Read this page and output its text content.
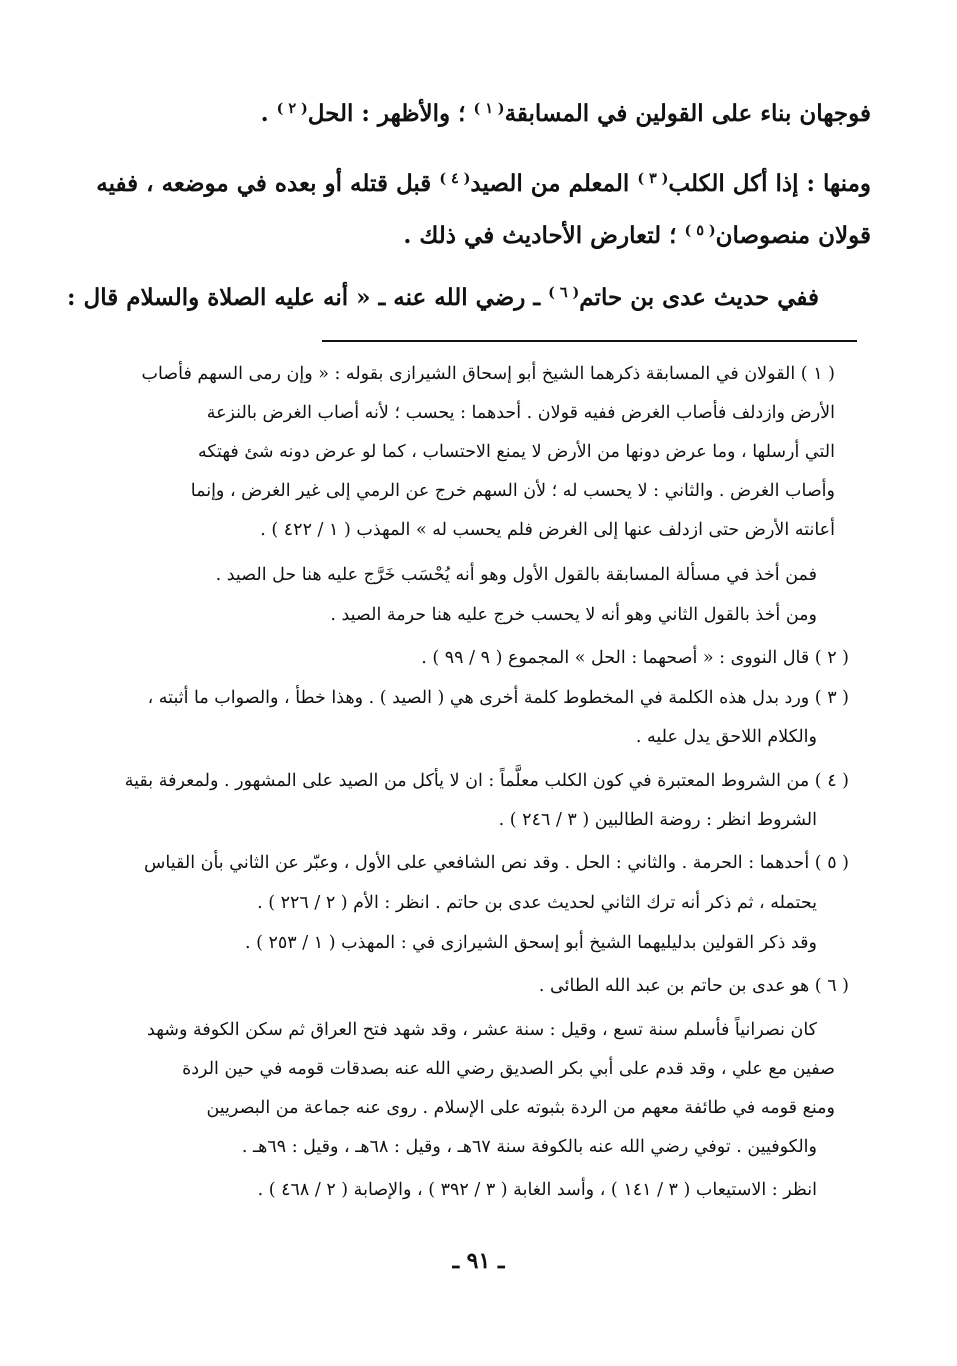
فوجهان بناء على القولين في المسابقة$^{( ١ )}$ ؛ والأظهر : الحل$^{( ٢ )}$ .
ومنها : إذا أكل الكلب$^{( ٣ )}$ المعلم من الصيد$^{( ٤ )}$ قبل قتله أو بعده في موضعه ، ففيه
قولان منصوصان$^{( ٥ )}$ ؛ لتعارض الأحاديث في ذلك .
ففي حديث عدى بن حاتم$^{( ٦ )}$ ـ رضي الله عنه ـ « أنه عليه الصلاة والسلام قال :
( ١ ) القولان في المسابقة ذكرهما الشيخ أبو إسحاق الشيرازى بقوله : « وإن رمى السهم فأصاب
الأرض وازدلف فأصاب الغرض ففيه قولان . أحدهما : يحسب ؛ لأنه أصاب الغرض بالنزعة
التي أرسلها ، وما عرض دونها من الأرض لا يمنع الاحتساب ، كما لو عرض دونه شئ فهتكه
وأصاب الغرض . والثاني : لا يحسب له ؛ لأن السهم خرج عن الرمي إلى غير الغرض ، وإنما
أعانته الأرض حتى ازدلف عنها إلى الغرض فلم يحسب له » المهذب ( ١ / ٤٢٢ ) .
فمن أخذ في مسألة المسابقة بالقول الأول وهو أنه يُحْسَب خَرَّج عليه هنا حل الصيد .
ومن أخذ بالقول الثاني وهو أنه لا يحسب خرج عليه هنا حرمة الصيد .
( ٢ ) قال النووى : « أصحهما : الحل » المجموع ( ٩ / ٩٩ ) .
( ٣ ) ورد بدل هذه الكلمة في المخطوط كلمة أخرى هي ( الصيد ) . وهذا خطأ ، والصواب ما أثبته ،
والكلام اللاحق يدل عليه .
( ٤ ) من الشروط المعتبرة في كون الكلب معلَّماً : ان لا يأكل من الصيد على المشهور . ولمعرفة بقية
الشروط انظر : روضة الطالبين ( ٣ / ٢٤٦ ) .
( ٥ ) أحدهما : الحرمة . والثاني : الحل . وقد نص الشافعي على الأول ، وعبّر عن الثاني بأن القياس
يحتمله ، ثم ذكر أنه ترك الثاني لحديث عدى بن حاتم . انظر : الأم ( ٢ / ٢٢٦ ) .
وقد ذكر القولين بدليليهما الشيخ أبو إسحق الشيرازى في : المهذب ( ١ / ٢٥٣ ) .
( ٦ ) هو عدى بن حاتم بن عبد الله الطائى .
كان نصرانياً فأسلم سنة تسع ، وقيل : سنة عشر ، وقد شهد فتح العراق ثم سكن الكوفة وشهد
صفين مع علي ، وقد قدم على أبي بكر الصديق رضي الله عنه بصدقات قومه في حين الردة
ومنع قومه في طائفة معهم من الردة بثبوته على الإسلام . روى عنه جماعة من البصريين
والكوفيين . توفي رضي الله عنه بالكوفة سنة ٦٧هـ ، وقيل : ٦٨هـ ، وقيل : ٦٩هـ .
انظر : الاستيعاب ( ٣ / ١٤١ ) ، وأسد الغابة ( ٣ / ٣٩٢ ) ، والإصابة ( ٢ / ٤٦٨ ) .
ـ ٩١ ـ
